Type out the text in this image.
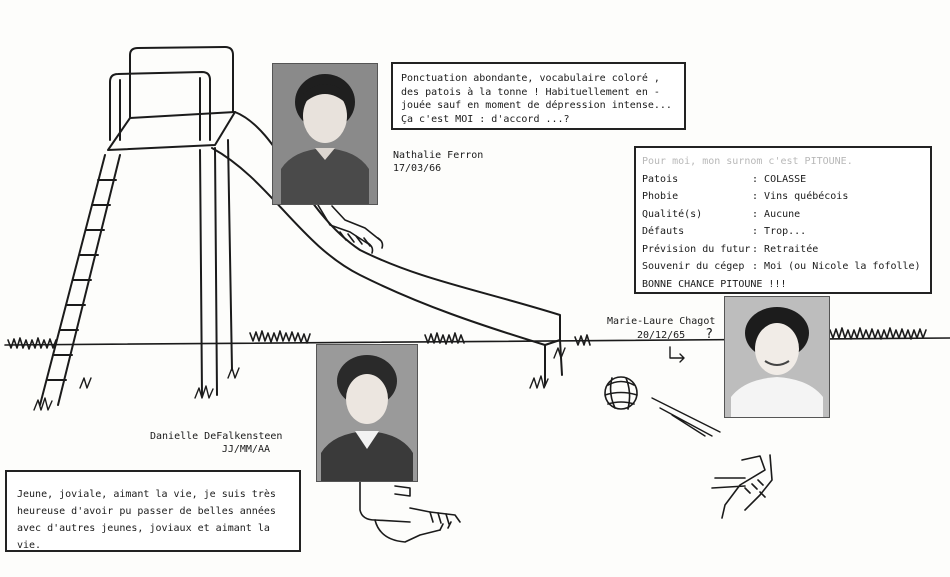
Nathalie Ferron
17/03/66
Marie-Laure Chagot
20/12/65 ?
Danielle DeFalkensteen
JJ/MM/AA

Ponctuation abondante, vocabulaire coloré , des patois à la tonne ! Habituellement en - jouée sauf en moment de dépression intense... Ça c'est MOI : d'accord ...?

Pour moi, mon surnom c'est PITOUNE.
Patois	: COLASSE
Phobie	: Vins québécois
Qualité(s)	: Aucune
Défauts	: Trop...
Prévision du futur	: Retraitée
Souvenir du cégep	: Moi (ou Nicole la fofolle)
BONNE CHANCE PITOUNE !!!

Jeune, joviale, aimant la vie, je suis très heureuse d'avoir pu passer de belles années avec d'autres jeunes, joviaux et aimant la vie.
